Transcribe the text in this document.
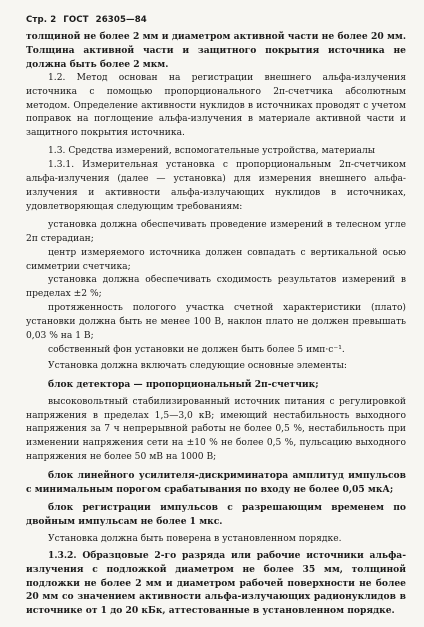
Стр. 2 ГОСТ 26305—84

толщиной не более 2 мм и диаметром активной части не более 20 мм. Толщина активной части и защитного покрытия источника не должна быть более 2 мкм.

1.2. Метод основан на регистрации внешнего альфа-излучения источника с помощью пропорционального 2π-счетчика абсолютным методом. Определение активности нуклидов в источниках проводят с учетом поправок на поглощение альфа-излучения в материале активной части и защитного покрытия источника.

1.3. Средства измерений, вспомогательные устройства, материалы

1.3.1. Измерительная установка с пропорциональным 2π-счетчиком альфа-излучения (далее — установка) для измерения внешнего альфа-излучения и активности альфа-излучающих нуклидов в источниках, удовлетворяющая следующим требованиям:

установка должна обеспечивать проведение измерений в телесном угле 2π стерадиан;

центр измеряемого источника должен совпадать с вертикальной осью симметрии счетчика;

установка должна обеспечивать сходимость результатов измерений в пределах ±2 %;

протяженность пологого участка счетной характеристики (плато) установки должна быть не менее 100 В, наклон плато не должен превышать 0,03 % на 1 В;

собственный фон установки не должен быть более 5 имп·с⁻¹.

Установка должна включать следующие основные элементы:

блок детектора — пропорциональный 2π-счетчик;

высоковольтный стабилизированный источник питания с регулировкой напряжения в пределах 1,5—3,0 кВ; имеющий нестабильность выходного напряжения за 7 ч непрерывной работы не более 0,5 %, нестабильность при изменении напряжения сети на ±10 % не более 0,5 %, пульсацию выходного напряжения не более 50 мВ на 1000 В;

блок линейного усилителя-дискриминатора амплитуд импульсов с минимальным порогом срабатывания по входу не более 0,05 мкА;

блок регистрации импульсов с разрешающим временем по двойным импульсам не более 1 мкс.

Установка должна быть поверена в установленном порядке.

1.3.2. Образцовые 2-го разряда или рабочие источники альфа-излучения с подложкой диаметром не более 35 мм, толщиной подложки не более 2 мм и диаметром рабочей поверхности не более 20 мм со значением активности альфа-излучающих радионуклидов в источнике от 1 до 20 кБк, аттестованные в установленном порядке.
